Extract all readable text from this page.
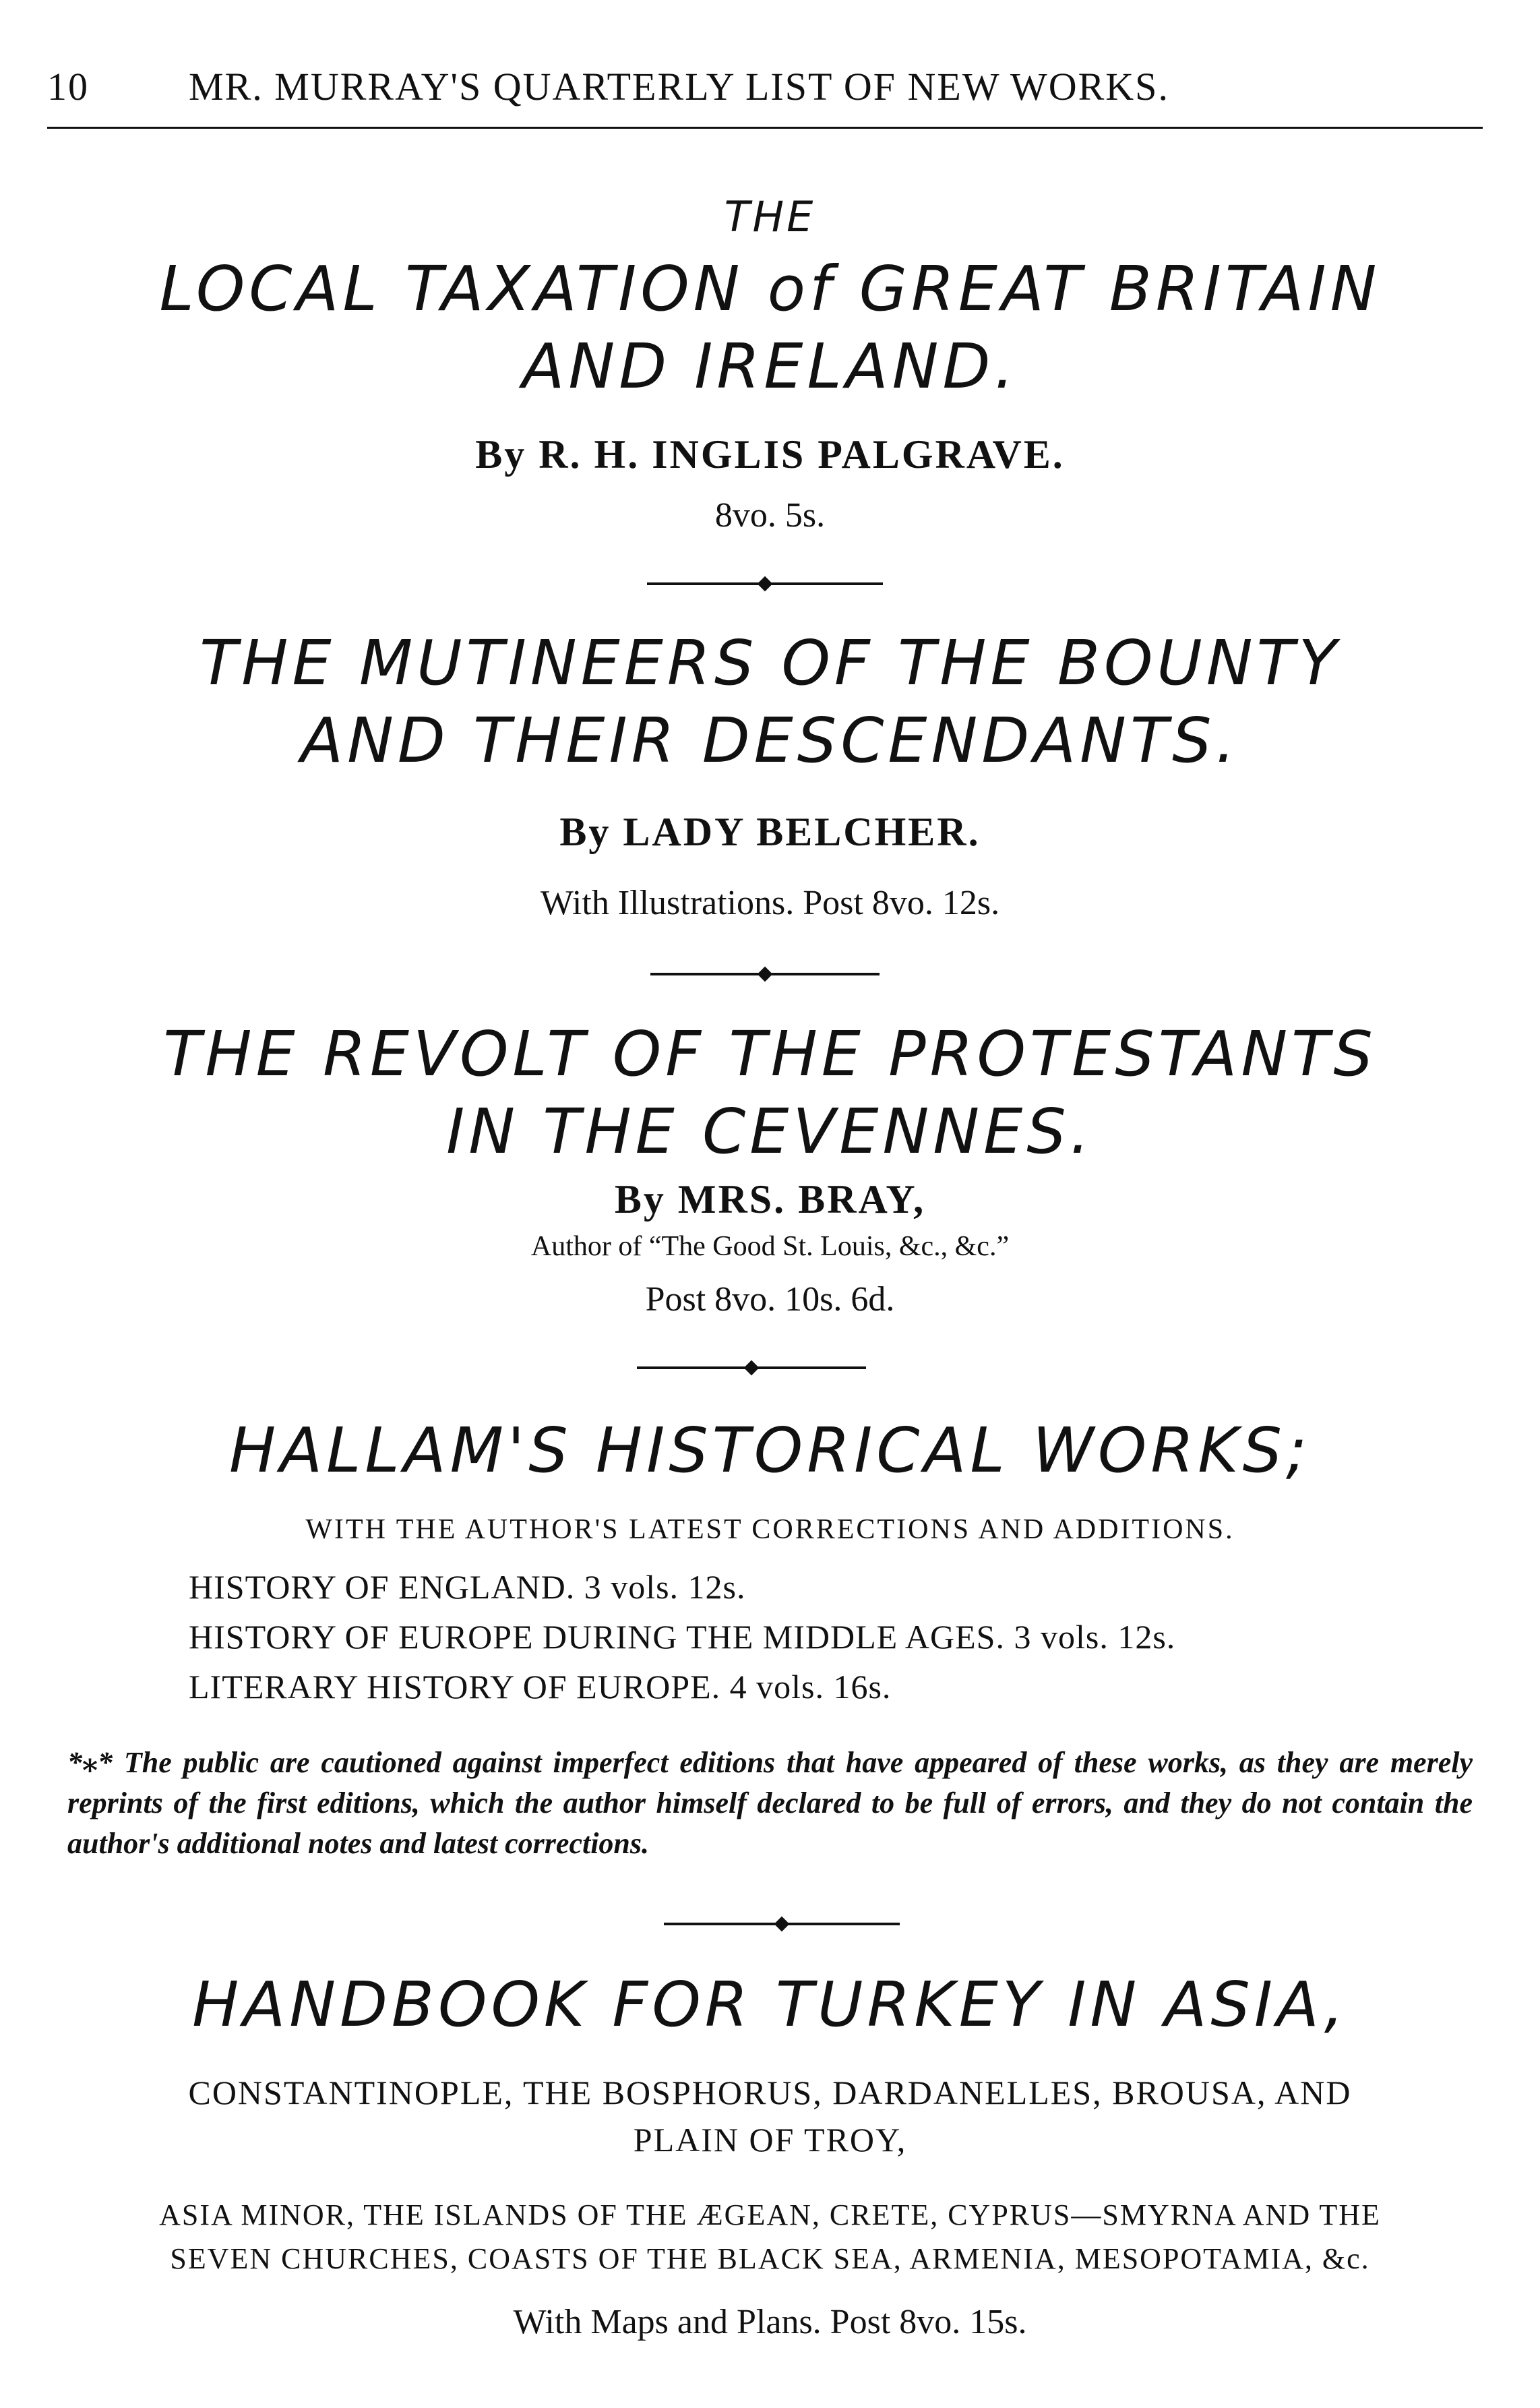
10	MR. MURRAY'S QUARTERLY LIST OF NEW WORKS.
THE
LOCAL TAXATION of GREAT BRITAIN
AND IRELAND.
By R. H. INGLIS PALGRAVE.
8vo. 5s.
THE MUTINEERS OF THE BOUNTY
AND THEIR DESCENDANTS.
By LADY BELCHER.
With Illustrations. Post 8vo. 12s.
THE REVOLT OF THE PROTESTANTS
IN THE CEVENNES.
By MRS. BRAY,
Author of “The Good St. Louis, &c., &c.”
Post 8vo. 10s. 6d.
HALLAM'S HISTORICAL WORKS;
WITH THE AUTHOR'S LATEST CORRECTIONS AND ADDITIONS.
HISTORY OF ENGLAND. 3 vols. 12s.
HISTORY OF EUROPE DURING THE MIDDLE AGES. 3 vols. 12s.
LITERARY HISTORY OF EUROPE. 4 vols. 16s.
*⁎* The public are cautioned against imperfect editions that have appeared of these works, as they are merely reprints of the first editions, which the author himself declared to be full of errors, and they do not contain the author's additional notes and latest corrections.
HANDBOOK FOR TURKEY IN ASIA,
CONSTANTINOPLE, THE BOSPHORUS, DARDANELLES, BROUSA, AND
PLAIN OF TROY,
ASIA MINOR, THE ISLANDS OF THE ÆGEAN, CRETE, CYPRUS—SMYRNA AND THE
SEVEN CHURCHES, COASTS OF THE BLACK SEA, ARMENIA, MESOPOTAMIA, &c.
With Maps and Plans. Post 8vo. 15s.
